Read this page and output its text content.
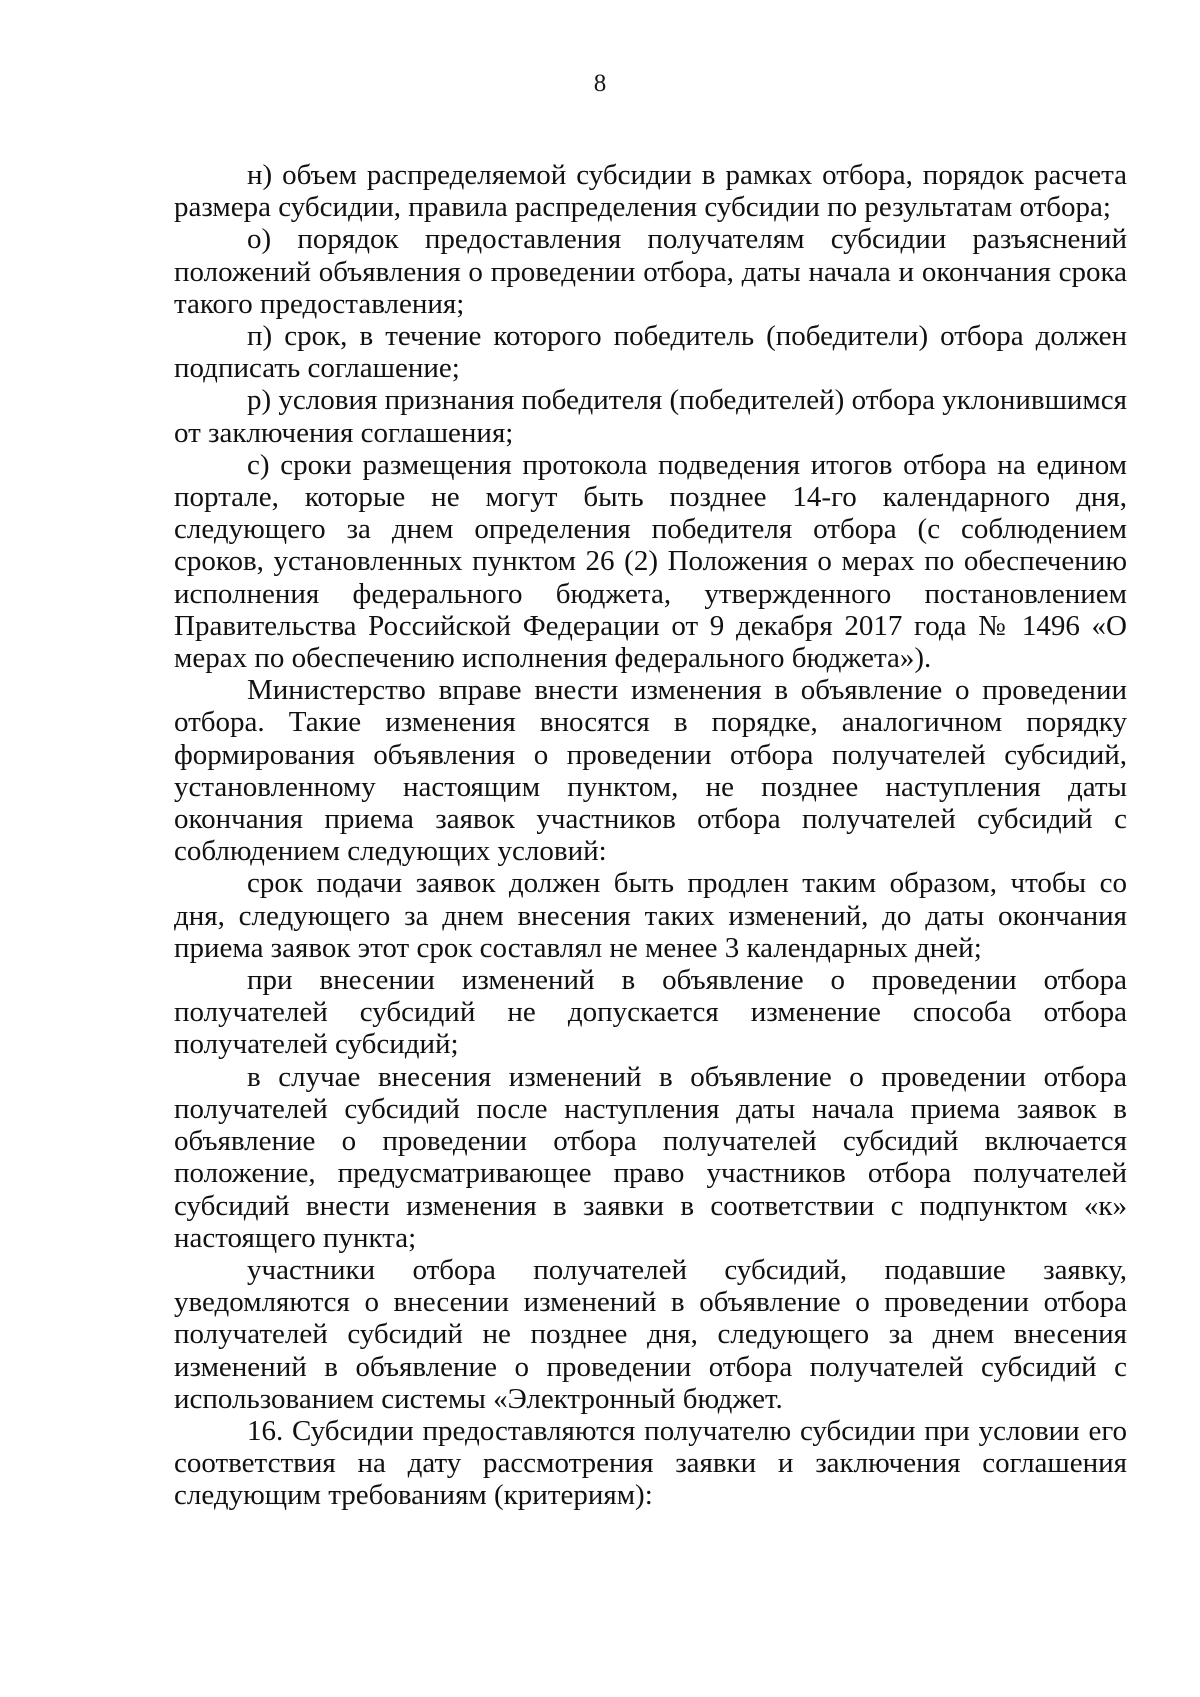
8

н) объем распределяемой субсидии в рамках отбора, порядок расчета размера субсидии, правила распределения субсидии по результатам отбора;

о) порядок предоставления получателям субсидии разъяснений положений объявления о проведении отбора, даты начала и окончания срока такого предоставления;

п) срок, в течение которого победитель (победители) отбора должен подписать соглашение;

р) условия признания победителя (победителей) отбора уклонившимся от заключения соглашения;

с) сроки размещения протокола подведения итогов отбора на едином портале, которые не могут быть позднее 14-го календарного дня, следующего за днем определения победителя отбора (с соблюдением сроков, установленных пунктом 26 (2) Положения о мерах по обеспечению исполнения федерального бюджета, утвержденного постановлением Правительства Российской Федерации от 9 декабря 2017 года № 1496 «О мерах по обеспечению исполнения федерального бюджета»).

Министерство вправе внести изменения в объявление о проведении отбора. Такие изменения вносятся в порядке, аналогичном порядку формирования объявления о проведении отбора получателей субсидий, установленному настоящим пунктом, не позднее наступления даты окончания приема заявок участников отбора получателей субсидий с соблюдением следующих условий:

срок подачи заявок должен быть продлен таким образом, чтобы со дня, следующего за днем внесения таких изменений, до даты окончания приема заявок этот срок составлял не менее 3 календарных дней;

при внесении изменений в объявление о проведении отбора получателей субсидий не допускается изменение способа отбора получателей субсидий;

в случае внесения изменений в объявление о проведении отбора получателей субсидий после наступления даты начала приема заявок в объявление о проведении отбора получателей субсидий включается положение, предусматривающее право участников отбора получателей субсидий внести изменения в заявки в соответствии с подпунктом «к» настоящего пункта;

участники отбора получателей субсидий, подавшие заявку, уведомляются о внесении изменений в объявление о проведении отбора получателей субсидий не позднее дня, следующего за днем внесения изменений в объявление о проведении отбора получателей субсидий с использованием системы «Электронный бюджет.

16. Субсидии предоставляются получателю субсидии при условии его соответствия на дату рассмотрения заявки и заключения соглашения следующим требованиям (критериям):
